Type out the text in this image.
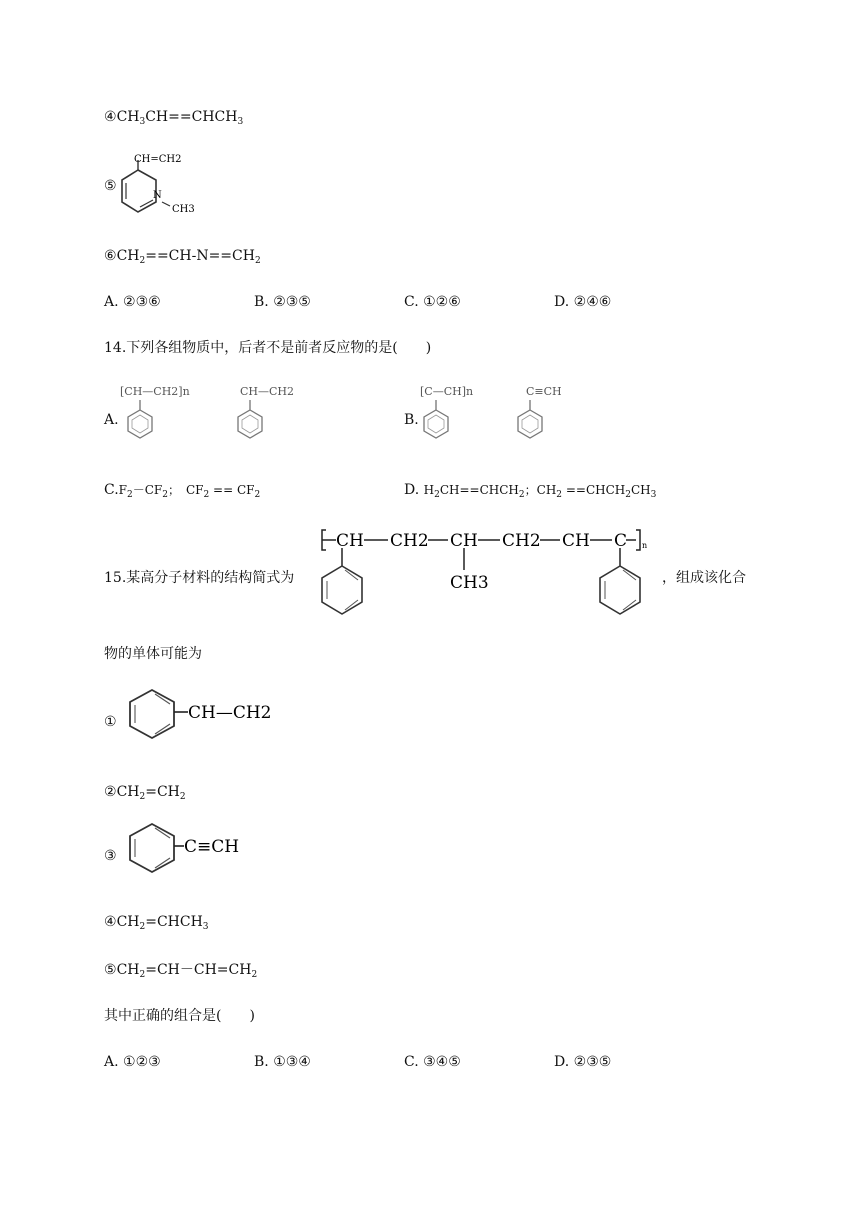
$④CH_3CH==CHCH_3$
⑤
CH=CH2
N
CH3
$⑥CH_2==CH-N==CH_2$
A. ②③⑥	B. ②③⑤	C. ①②⑥	D. ②④⑥
14.下列各组物质中，后者不是前者反应物的是(　　)
A.
[CH—CH2]n	CH—CH2
B.
[C—CH]n	C≡CH
$C.F_2-CF_2$；　$CF_2 == CF_2$	D. $H_2CH==CHCH_2$；$CH_2$ $==CHCH_2CH_3$
15.某高分子材料的结构简式为
CH CH2 CH CH2 CH C n
CH3	，组成该化合
物的单体可能为
①	CH—CH2
$②CH_2=CH_2$
③	C≡CH
$④CH_2=CHCH_3$
$⑤CH_2=CH-CH=CH_2$
其中正确的组合是(　　)
A. ①②③	B. ①③④	C. ③④⑤	D. ②③⑤
